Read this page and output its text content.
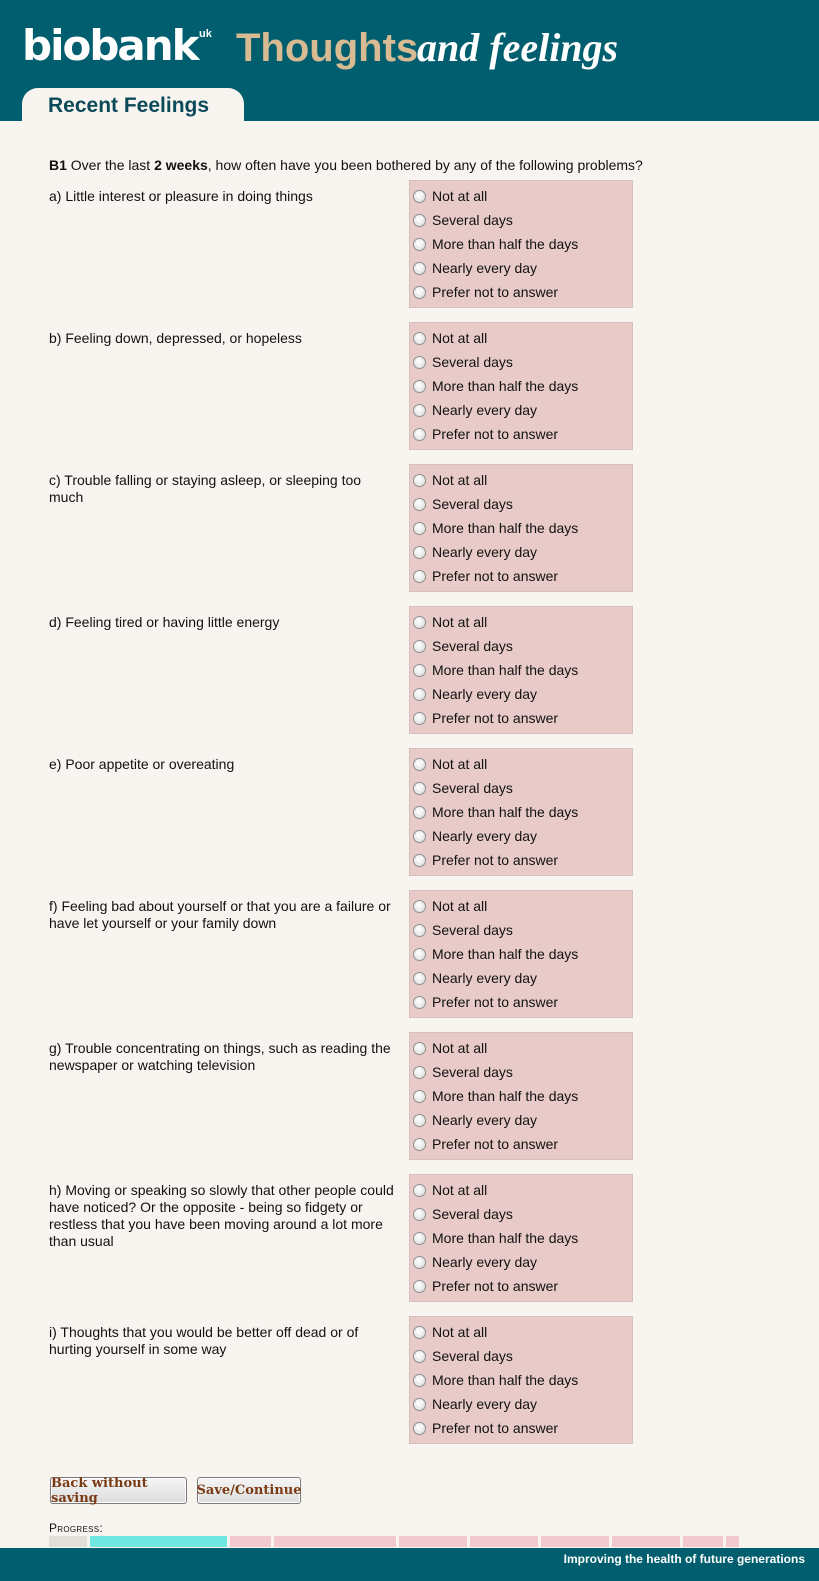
biobank uk Thoughts
and feelings
Recent Feelings
B1 Over the last 2 weeks, how often have you been bothered by any of the following problems?
a) Little interest or pleasure in doing things	Not at all
Several days
More than half the days
Nearly every day
Prefer not to answer
b) Feeling down, depressed, or hopeless	Not at all
Several days
More than half the days
Nearly every day
Prefer not to answer
c) Trouble falling or staying asleep, or sleeping too much
Not at all
Several days
More than half the days
Nearly every day
Prefer not to answer
d) Feeling tired or having little energy	Not at all
Several days
More than half the days
Nearly every day
Prefer not to answer
e) Poor appetite or overeating	Not at all
Several days
More than half the days
Nearly every day
Prefer not to answer
f) Feeling bad about yourself or that you are a failure or have let yourself or your family down
Not at all
Several days
More than half the days
Nearly every day
Prefer not to answer
g) Trouble concentrating on things, such as reading the newspaper or watching television
Not at all
Several days
More than half the days
Nearly every day
Prefer not to answer
h) Moving or speaking so slowly that other people could have noticed? Or the opposite - being so fidgety or restless that you have been moving around a lot more than usual
Not at all
Several days
More than half the days
Nearly every day
Prefer not to answer
i) Thoughts that you would be better off dead or of hurting yourself in some way
Not at all
Several days
More than half the days
Nearly every day
Prefer not to answer
Back without saving	Save/Continue
Progress:
Improving the health of future generations
